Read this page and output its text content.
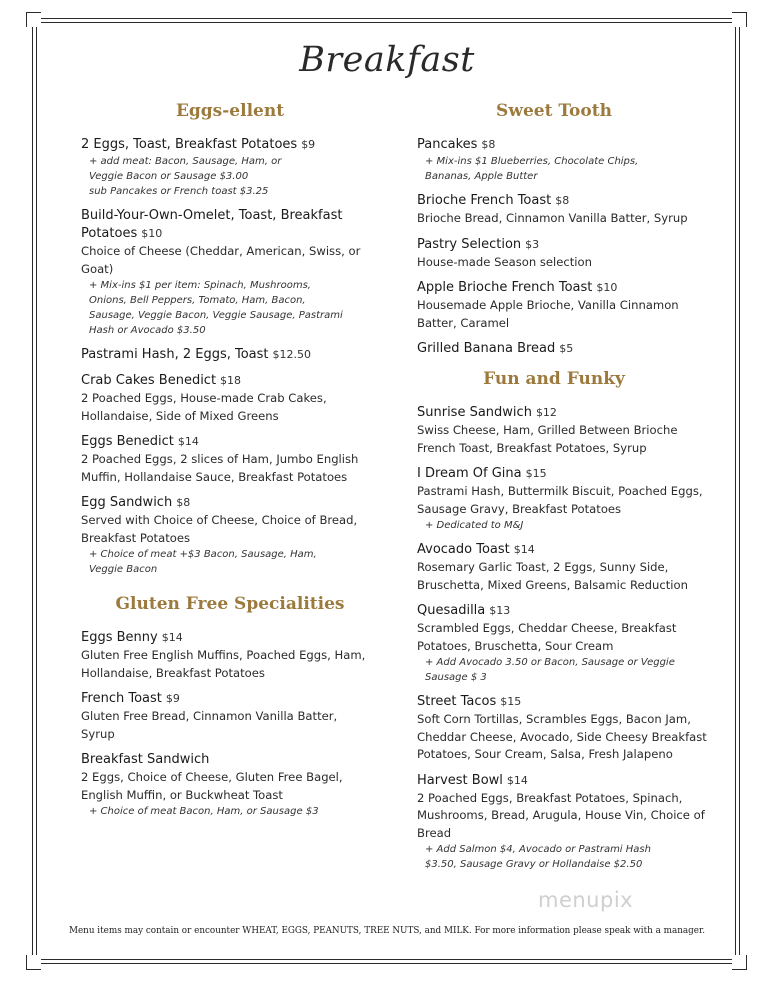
Breakfast
Eggs-ellent
2 Eggs, Toast, Breakfast Potatoes $9
+ add meat: Bacon, Sausage, Ham, or
Veggie Bacon or Sausage $3.00
sub Pancakes or French toast $3.25
Build-Your-Own-Omelet, Toast, Breakfast Potatoes $10
Choice of Cheese (Cheddar, American, Swiss, or Goat)
+ Mix-ins $1 per item: Spinach, Mushrooms,
Onions, Bell Peppers, Tomato, Ham, Bacon,
Sausage, Veggie Bacon, Veggie Sausage, Pastrami
Hash or Avocado $3.50
Pastrami Hash, 2 Eggs, Toast $12.50
Crab Cakes Benedict $18
2 Poached Eggs, House-made Crab Cakes, Hollandaise, Side of Mixed Greens
Eggs Benedict $14
2 Poached Eggs, 2 slices of Ham, Jumbo English Muffin, Hollandaise Sauce, Breakfast Potatoes
Egg Sandwich $8
Served with Choice of Cheese, Choice of Bread, Breakfast Potatoes
+ Choice of meat +$3 Bacon, Sausage, Ham,
Veggie Bacon
Gluten Free Specialities
Eggs Benny $14
Gluten Free English Muffins, Poached Eggs, Ham, Hollandaise, Breakfast Potatoes
French Toast $9
Gluten Free Bread, Cinnamon Vanilla Batter, Syrup
Breakfast Sandwich
2 Eggs, Choice of Cheese, Gluten Free Bagel, English Muffin, or Buckwheat Toast
+ Choice of meat Bacon, Ham, or Sausage $3
Sweet Tooth
Pancakes $8
+ Mix-ins $1 Blueberries, Chocolate Chips,
Bananas, Apple Butter
Brioche French Toast $8
Brioche Bread, Cinnamon Vanilla Batter, Syrup
Pastry Selection $3
House-made Season selection
Apple Brioche French Toast $10
Housemade Apple Brioche, Vanilla Cinnamon Batter, Caramel
Grilled Banana Bread $5
Fun and Funky
Sunrise Sandwich $12
Swiss Cheese, Ham, Grilled Between Brioche French Toast, Breakfast Potatoes, Syrup
I Dream Of Gina $15
Pastrami Hash, Buttermilk Biscuit, Poached Eggs, Sausage Gravy, Breakfast Potatoes
+ Dedicated to M&J
Avocado Toast $14
Rosemary Garlic Toast, 2 Eggs, Sunny Side, Bruschetta, Mixed Greens, Balsamic Reduction
Quesadilla $13
Scrambled Eggs, Cheddar Cheese, Breakfast Potatoes, Bruschetta, Sour Cream
+ Add Avocado 3.50 or Bacon, Sausage or Veggie
Sausage $ 3
Street Tacos $15
Soft Corn Tortillas, Scrambles Eggs, Bacon Jam, Cheddar Cheese, Avocado, Side Cheesy Breakfast Potatoes, Sour Cream, Salsa, Fresh Jalapeno
Harvest Bowl $14
2 Poached Eggs, Breakfast Potatoes, Spinach, Mushrooms, Bread, Arugula, House Vin, Choice of Bread
+ Add Salmon $4, Avocado or Pastrami Hash
$3.50, Sausage Gravy or Hollandaise $2.50
menupix
Menu items may contain or encounter WHEAT, EGGS, PEANUTS, TREE NUTS, and MILK. For more information please speak with a manager.
